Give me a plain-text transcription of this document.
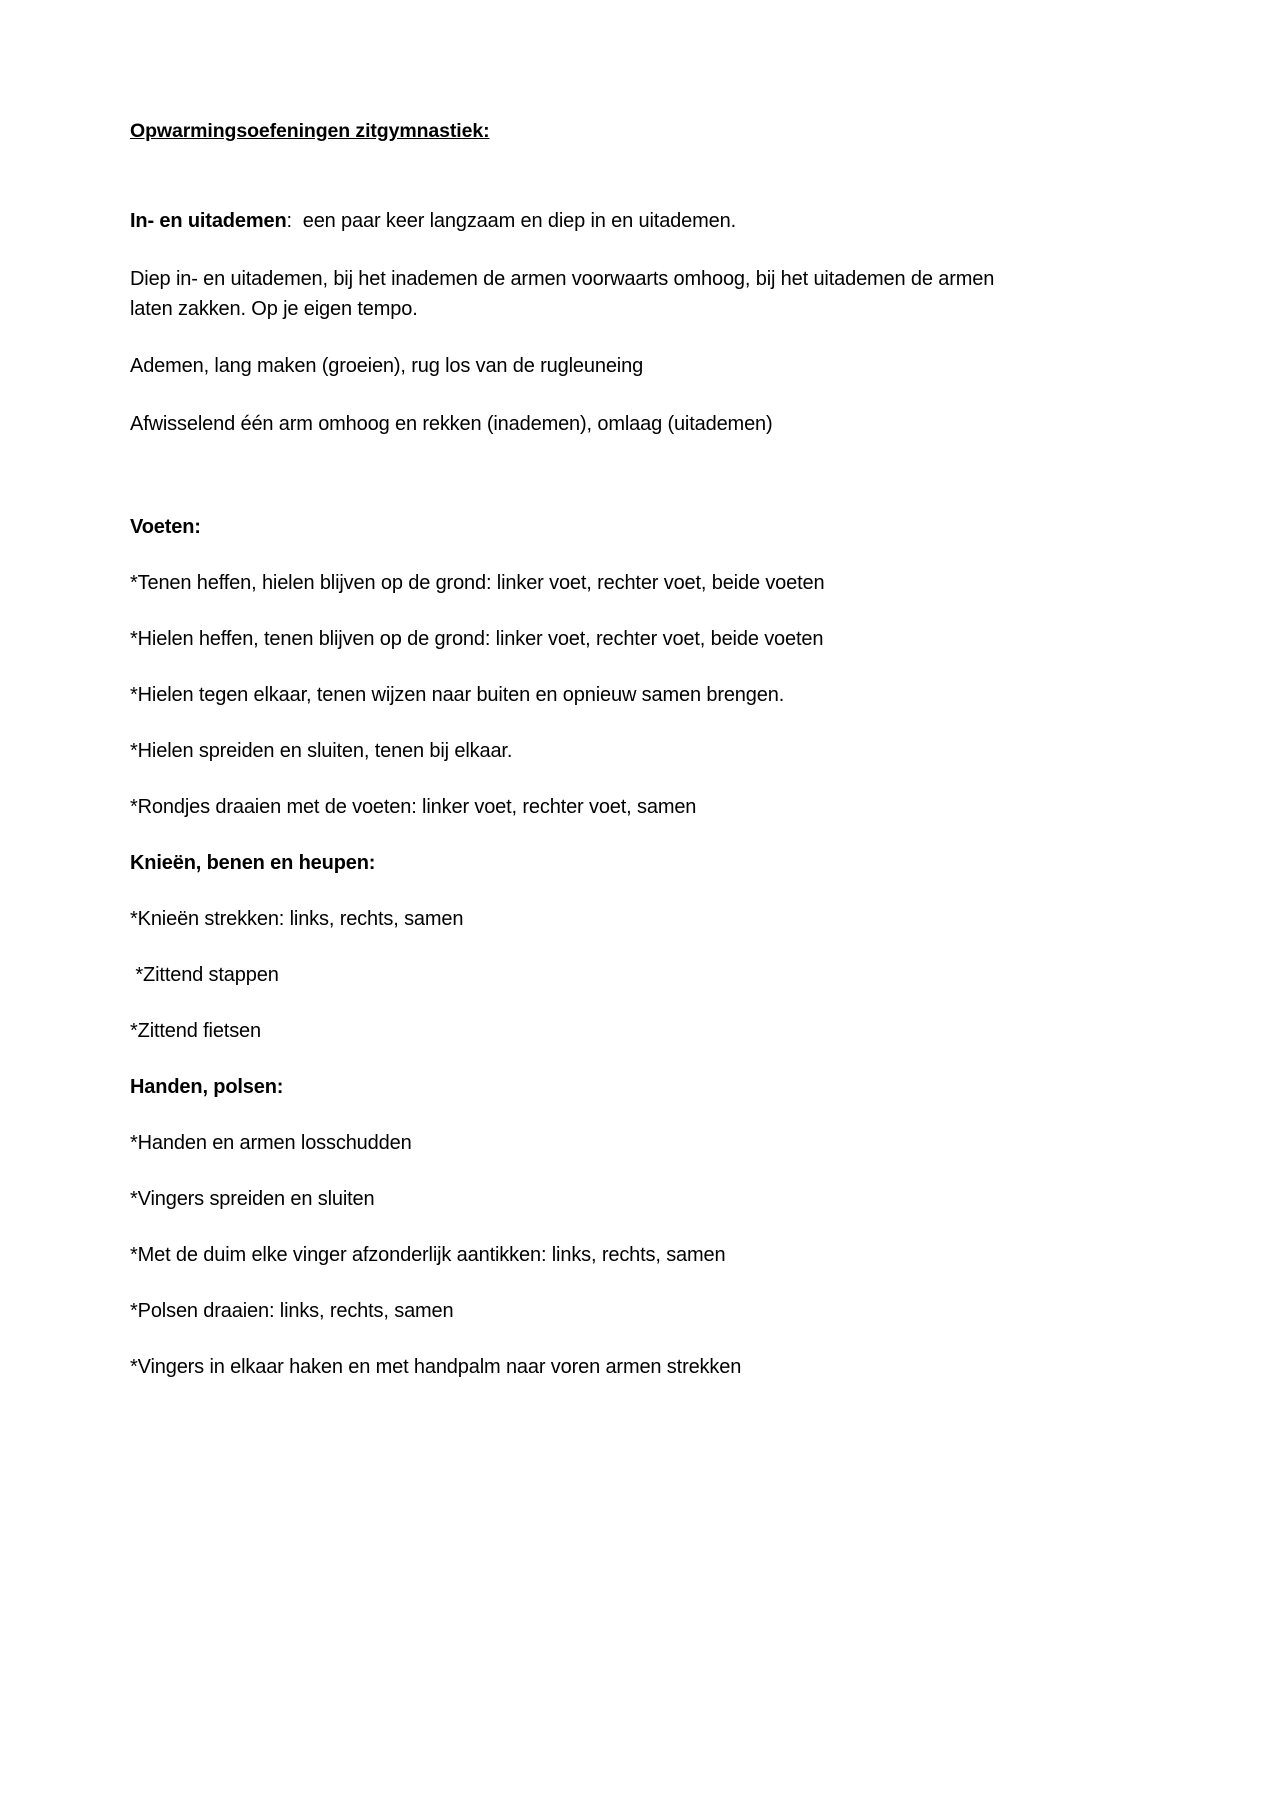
Opwarmingsoefeningen zitgymnastiek:

In- en uitademen:  een paar keer langzaam en diep in en uitademen.

Diep in- en uitademen, bij het inademen de armen voorwaarts omhoog, bij het uitademen de armen laten zakken. Op je eigen tempo.

Ademen, lang maken (groeien), rug los van de rugleuneing

Afwisselend één arm omhoog en rekken (inademen), omlaag (uitademen)

Voeten:

*Tenen heffen, hielen blijven op de grond: linker voet, rechter voet, beide voeten

*Hielen heffen, tenen blijven op de grond: linker voet, rechter voet, beide voeten

*Hielen tegen elkaar, tenen wijzen naar buiten en opnieuw samen brengen.

*Hielen spreiden en sluiten, tenen bij elkaar.

*Rondjes draaien met de voeten: linker voet, rechter voet, samen

Knieën, benen en heupen:

*Knieën strekken: links, rechts, samen

*Zittend stappen

*Zittend fietsen

Handen, polsen:

*Handen en armen losschudden

*Vingers spreiden en sluiten

*Met de duim elke vinger afzonderlijk aantikken: links, rechts, samen

*Polsen draaien: links, rechts, samen

*Vingers in elkaar haken en met handpalm naar voren armen strekken
